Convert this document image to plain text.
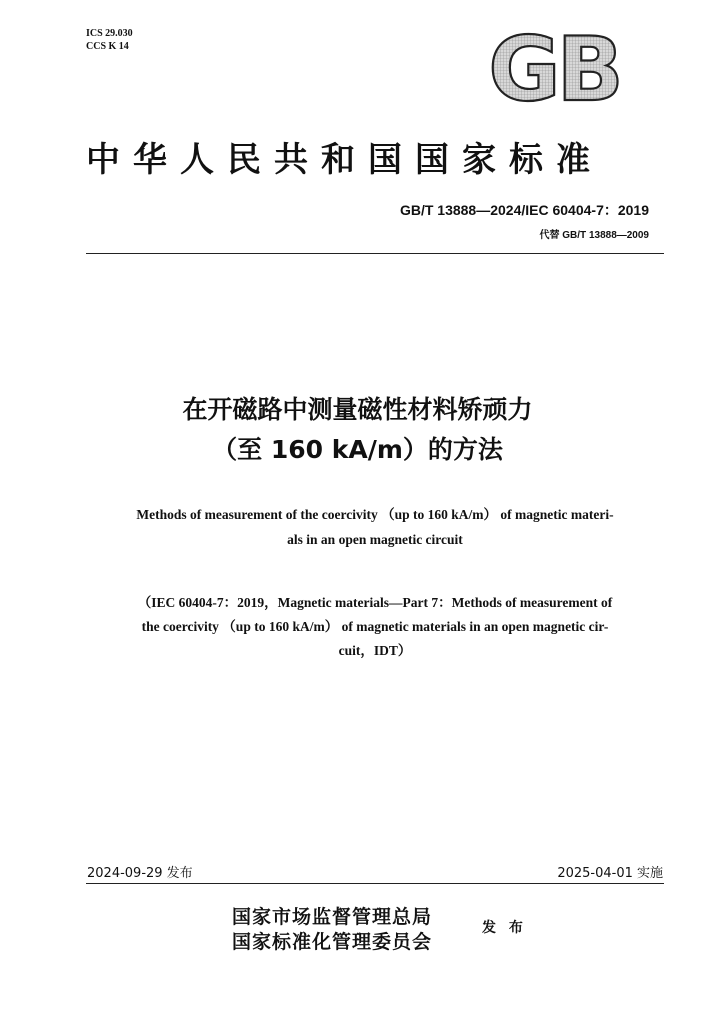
ICS 29.030
CCS K 14	GB
中华人民共和国国家标准
GB/T 13888—2024/IEC 60404-7：2019
代替 GB/T 13888—2009
在开磁路中测量磁性材料矫顽力
（至 160 kA/m）的方法
Methods of measurement of the coercivity （up to 160 kA/m） of magnetic materi-
als in an open magnetic circuit
（IEC 60404-7：2019，Magnetic materials—Part 7：Methods of measurement of
the coercivity （up to 160 kA/m） of magnetic materials in an open magnetic cir-
cuit，IDT）
2024-09-29 发布	2025-04-01 实施
国家市场监督管理总局
国家标准化管理委员会
发 布
